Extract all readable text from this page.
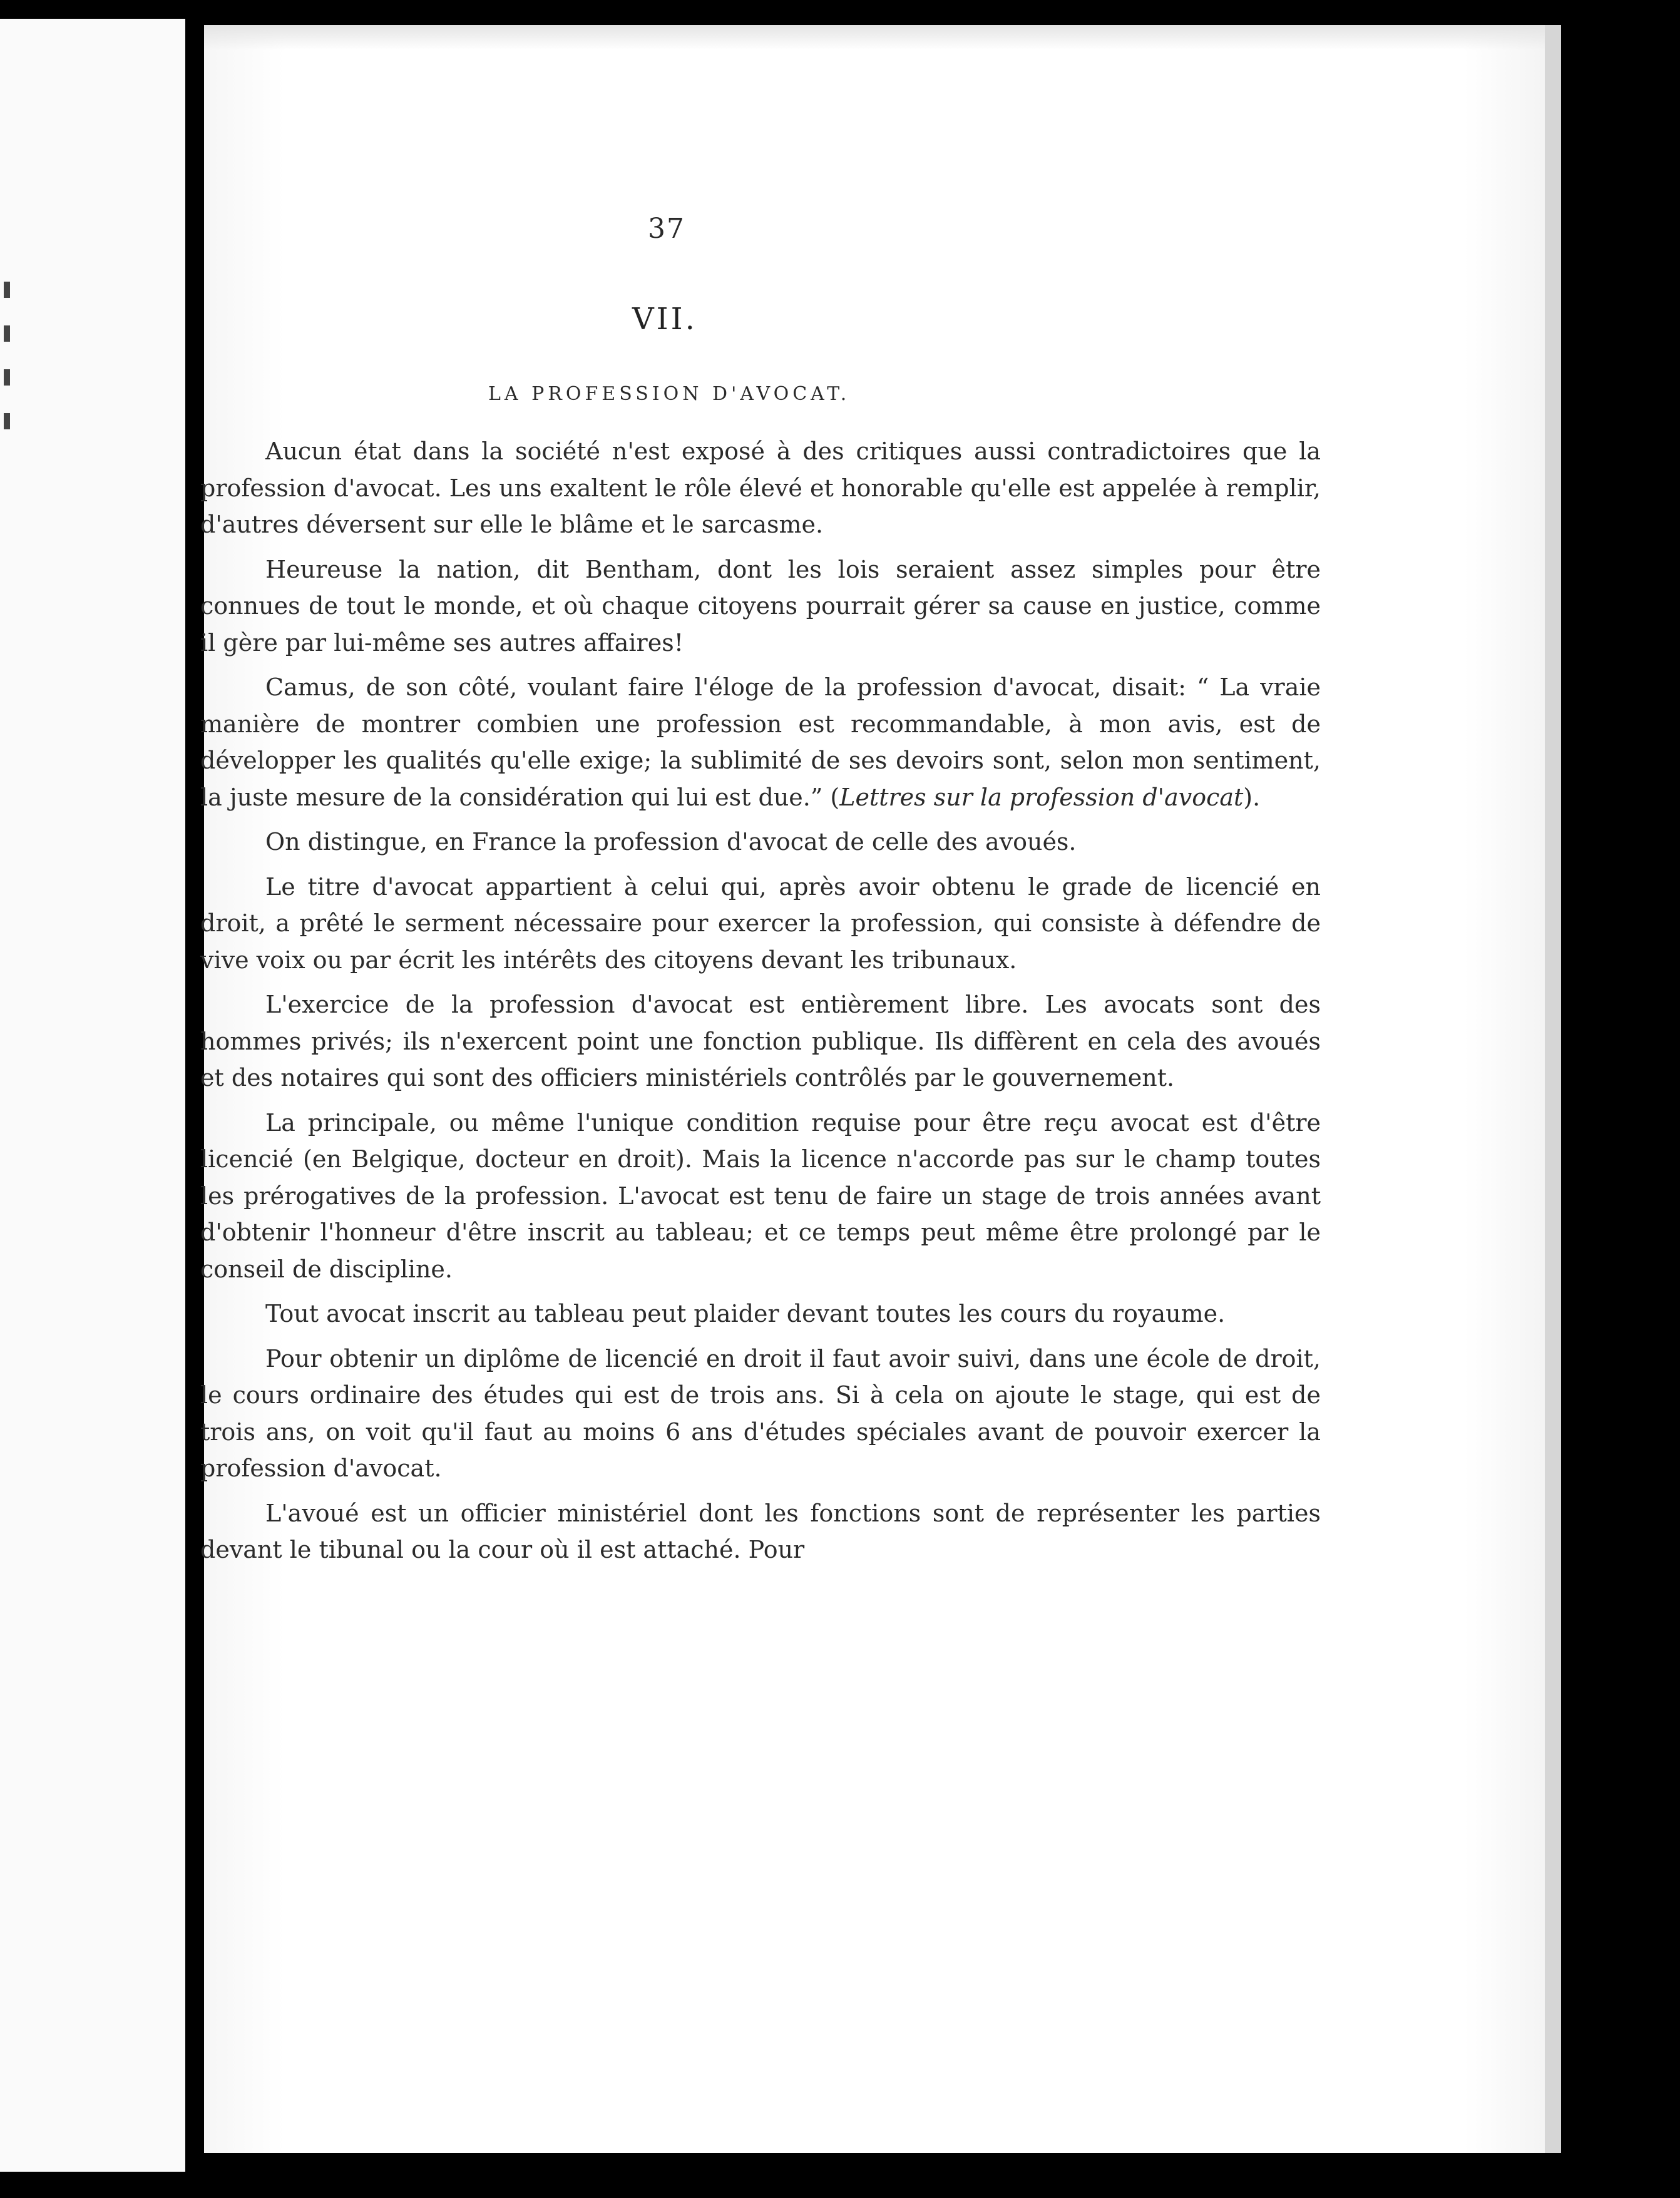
37
VII.
LA PROFESSION D'AVOCAT.

Aucun état dans la société n'est exposé à des critiques aussi contradictoires que la profession d'avocat. Les uns exaltent le rôle élevé et honorable qu'elle est appelée à remplir, d'autres déversent sur elle le blâme et le sarcasme.

Heureuse la nation, dit Bentham, dont les lois seraient assez simples pour être connues de tout le monde, et où chaque citoyens pourrait gérer sa cause en justice, comme il gère par lui-même ses autres affaires!

Camus, de son côté, voulant faire l'éloge de la profession d'avocat, disait: “ La vraie manière de montrer combien une profession est recommandable, à mon avis, est de développer les qualités qu'elle exige; la sublimité de ses devoirs sont, selon mon sentiment, la juste mesure de la considération qui lui est due.” (Lettres sur la profession d'avocat).

On distingue, en France la profession d'avocat de celle des avoués.

Le titre d'avocat appartient à celui qui, après avoir obtenu le grade de licencié en droit, a prêté le serment nécessaire pour exercer la profession, qui consiste à défendre de vive voix ou par écrit les intérêts des citoyens devant les tribunaux.

L'exercice de la profession d'avocat est entièrement libre. Les avocats sont des hommes privés; ils n'exercent point une fonction publique. Ils diffèrent en cela des avoués et des notaires qui sont des officiers ministériels contrôlés par le gouvernement.

La principale, ou même l'unique condition requise pour être reçu avocat est d'être licencié (en Belgique, docteur en droit). Mais la licence n'accorde pas sur le champ toutes les prérogatives de la profession. L'avocat est tenu de faire un stage de trois années avant d'obtenir l'honneur d'être inscrit au tableau; et ce temps peut même être prolongé par le conseil de discipline.

Tout avocat inscrit au tableau peut plaider devant toutes les cours du royaume.

Pour obtenir un diplôme de licencié en droit il faut avoir suivi, dans une école de droit, le cours ordinaire des études qui est de trois ans. Si à cela on ajoute le stage, qui est de trois ans, on voit qu'il faut au moins 6 ans d'études spéciales avant de pouvoir exercer la profession d'avocat.

L'avoué est un officier ministériel dont les fonctions sont de représenter les parties devant le tibunal ou la cour où il est attaché. Pour
